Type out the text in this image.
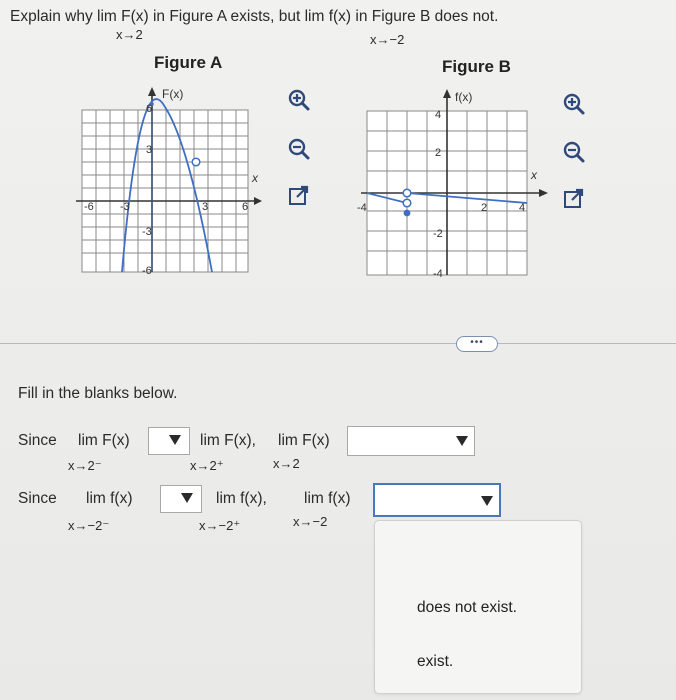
Explain why lim F(x) in Figure A exists, but lim f(x) in Figure B does not.
x→2	x→−2
Figure A
-6 -3	3	6
6
3
-3
-6
F(x)
x
Figure B
-4	2	4
4
2
-2
-4
f(x)
x
•••
Fill in the blanks below.
Since lim F(x)
x→2⁻
lim F(x),
x→2⁺
lim F(x)
x→2
Since lim f(x)
x→−2⁻
lim f(x),
x→−2⁺
lim f(x)
x→−2
does not exist.
exist.
